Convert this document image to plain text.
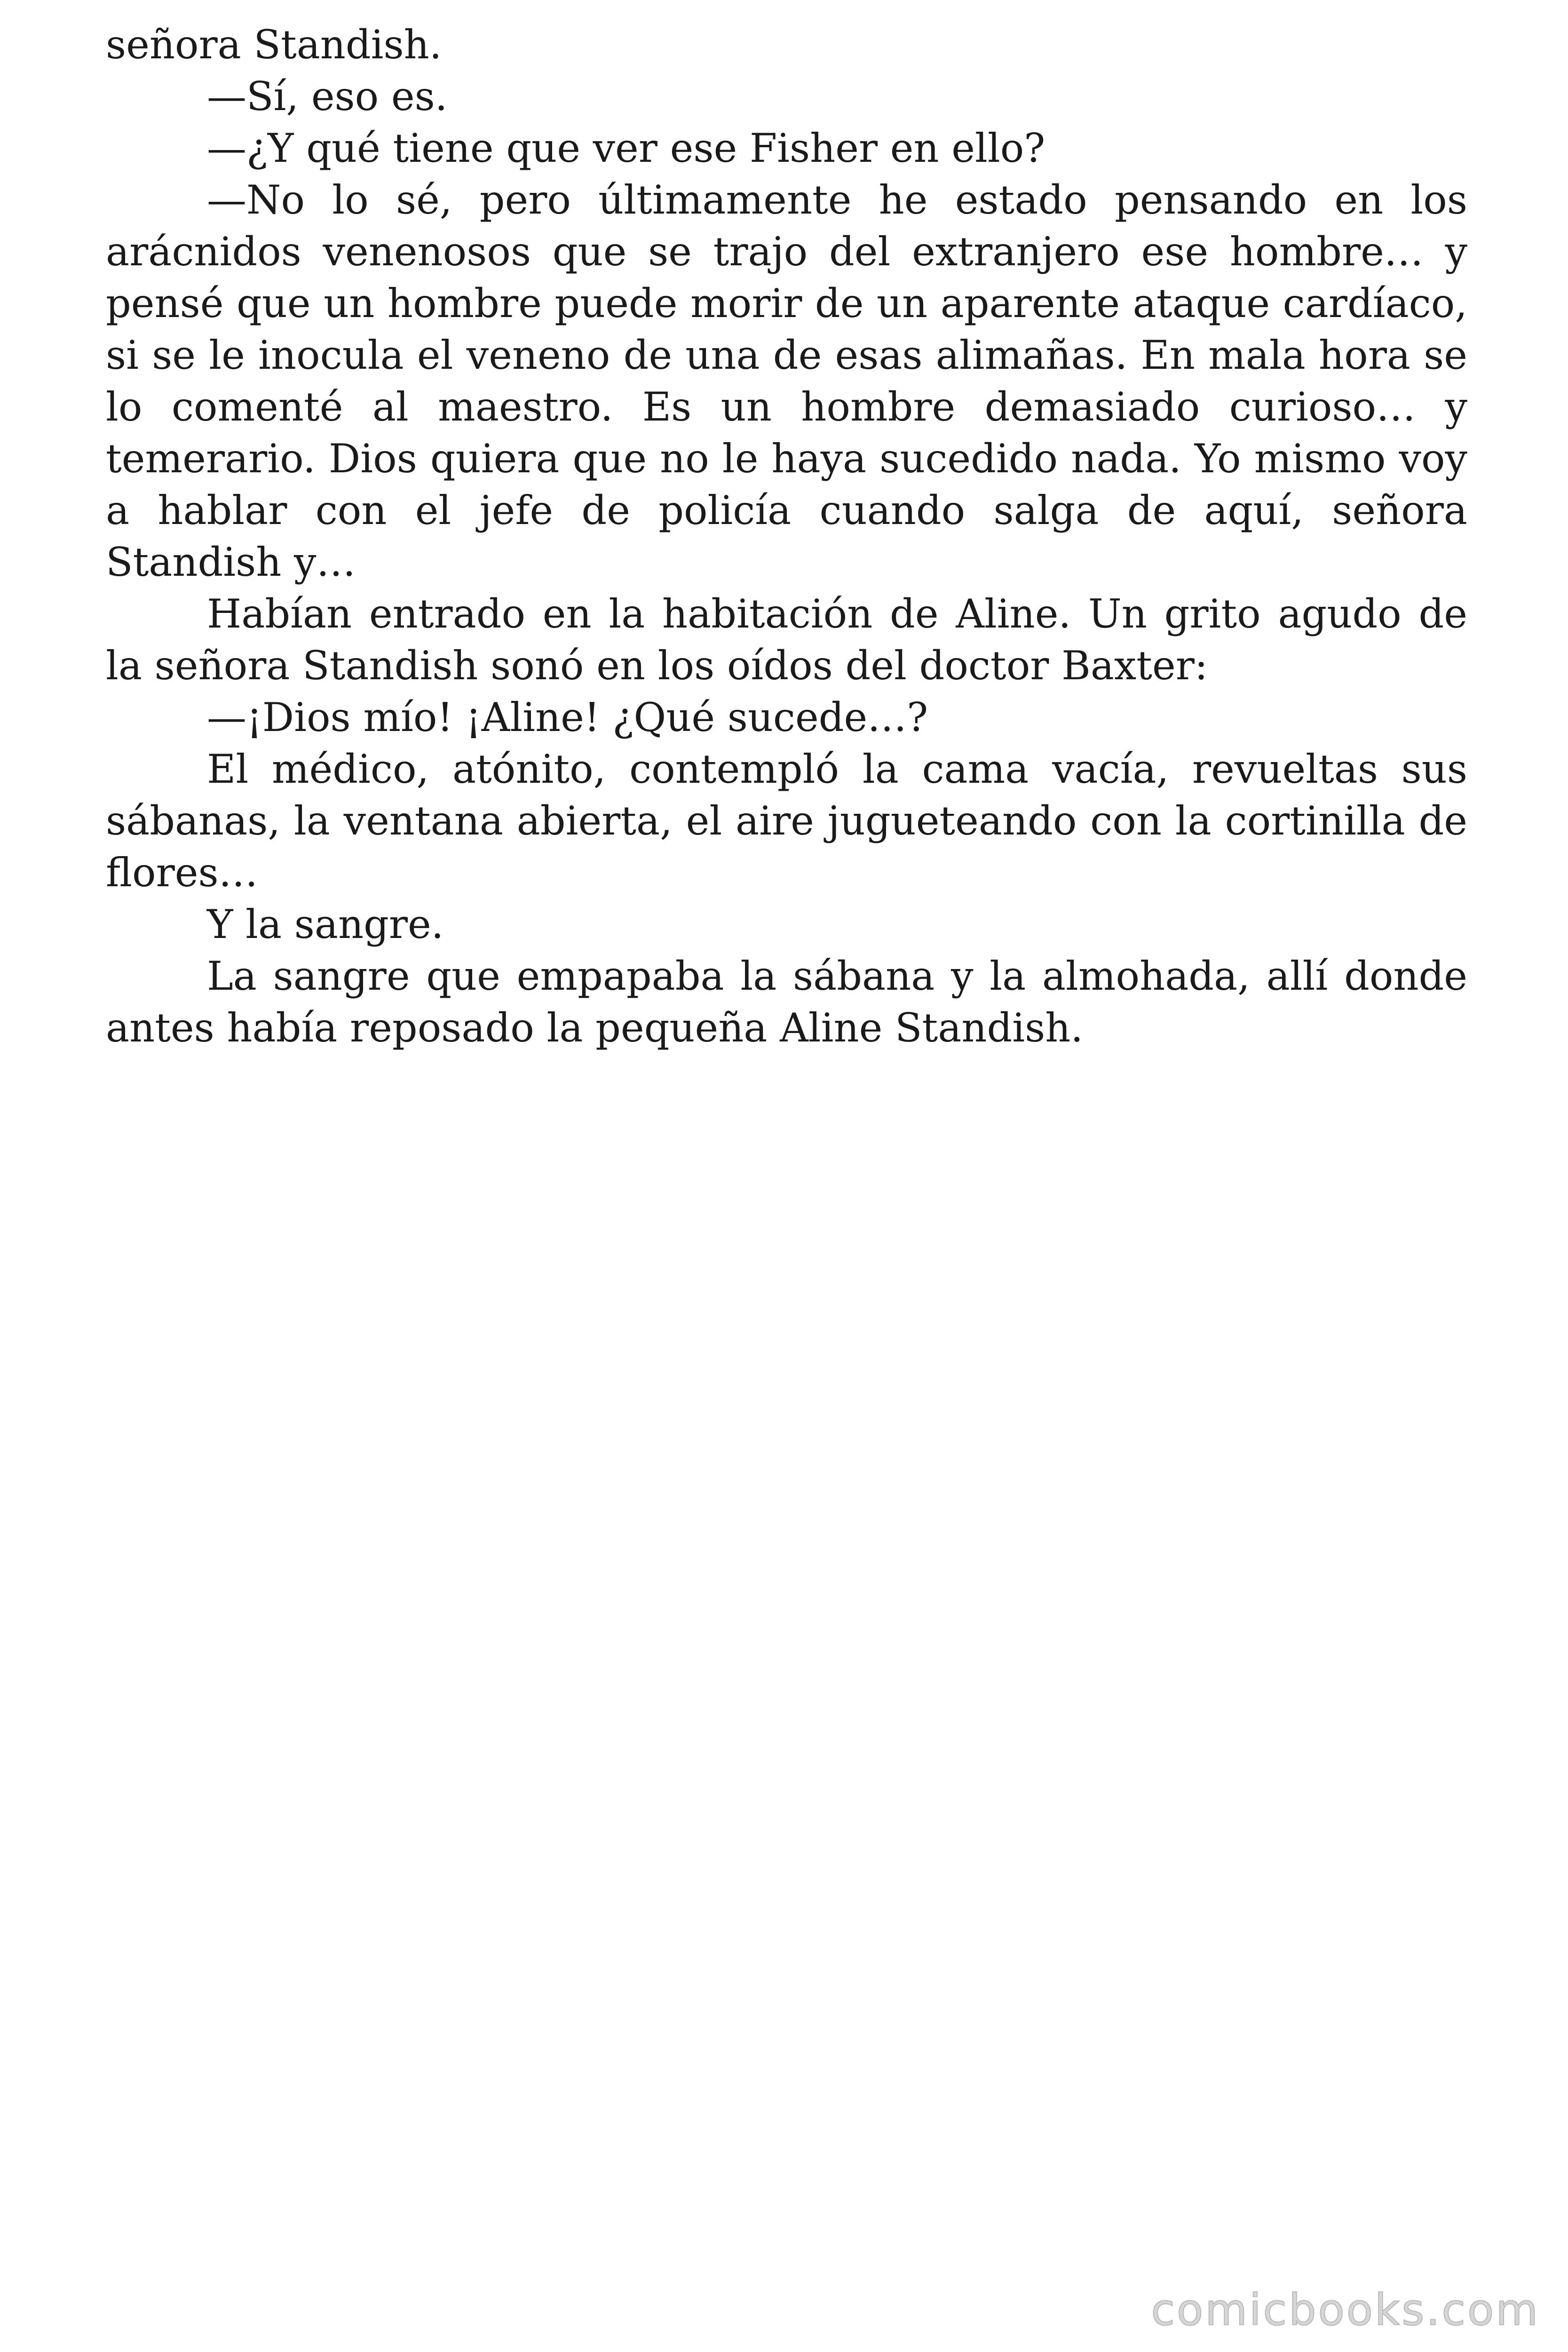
señora Standish.

—Sí, eso es.

—¿Y qué tiene que ver ese Fisher en ello?

—No lo sé, pero últimamente he estado pensando en los arácnidos venenosos que se trajo del extranjero ese hombre… y pensé que un hombre puede morir de un aparente ataque cardíaco, si se le inocula el veneno de una de esas alimañas. En mala hora se lo comenté al maestro. Es un hombre demasiado curioso… y temerario. Dios quiera que no le haya sucedido nada. Yo mismo voy a hablar con el jefe de policía cuando salga de aquí, señora Standish y…

Habían entrado en la habitación de Aline. Un grito agudo de la señora Standish sonó en los oídos del doctor Baxter:

—¡Dios mío! ¡Aline! ¿Qué sucede…?

El médico, atónito, contempló la cama vacía, revueltas sus sábanas, la ventana abierta, el aire jugueteando con la cortinilla de flores…

Y la sangre.

La sangre que empapaba la sábana y la almohada, allí donde antes había reposado la pequeña Aline Standish.

comicbooks.com
